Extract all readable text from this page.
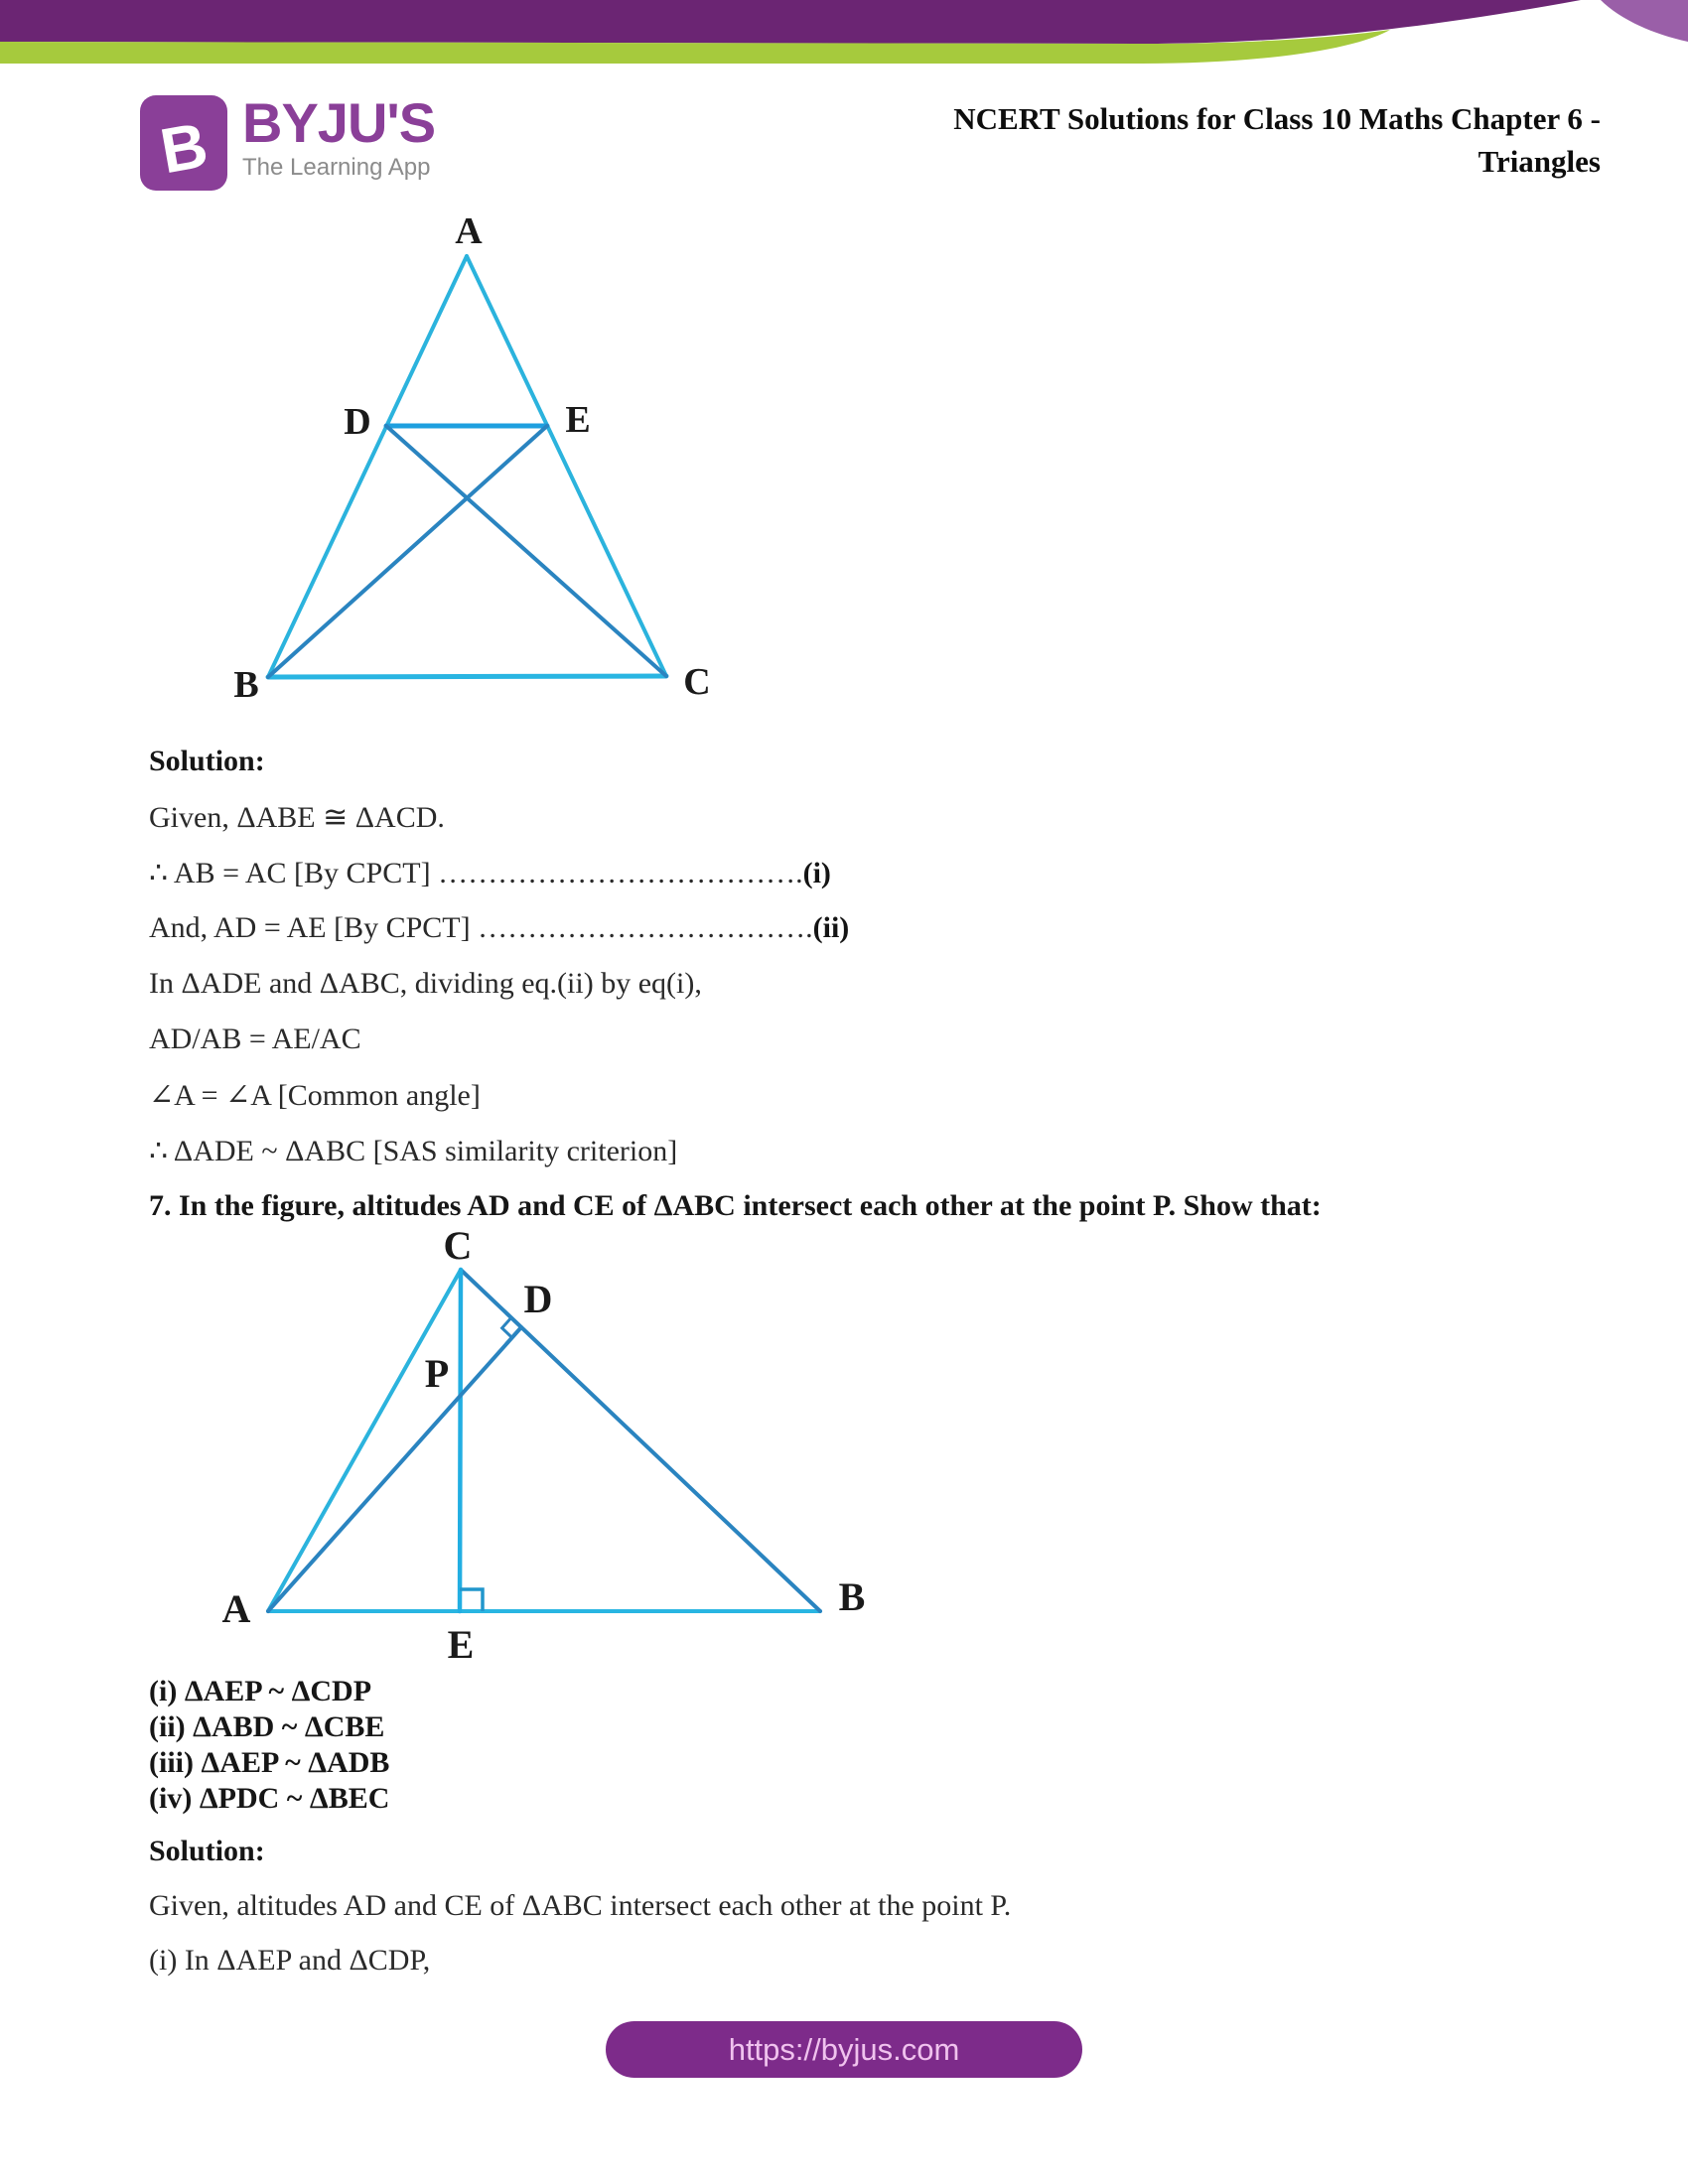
B BYJU'S
The Learning App
NCERT Solutions for Class 10 Maths Chapter 6 -
Triangles
A
D	E
B	C
Solution:
Given, ΔABE ≅ ΔACD.
∴ AB = AC [By CPCT] ……………………………….(i)
And, AD = AE [By CPCT] …………………………….(ii)
In ΔADE and ΔABC, dividing eq.(ii) by eq(i),
AD/AB = AE/AC
∠A = ∠A [Common angle]
∴ ΔADE ~ ΔABC [SAS similarity criterion]
7. In the figure, altitudes AD and CE of ΔABC intersect each other at the point P. Show that:
C
D
P
A	B
E
(i) ΔAEP ~ ΔCDP
(ii) ΔABD ~ ΔCBE
(iii) ΔAEP ~ ΔADB
(iv) ΔPDC ~ ΔBEC
Solution:
Given, altitudes AD and CE of ΔABC intersect each other at the point P.
(i) In ΔAEP and ΔCDP,
https://byjus.com
